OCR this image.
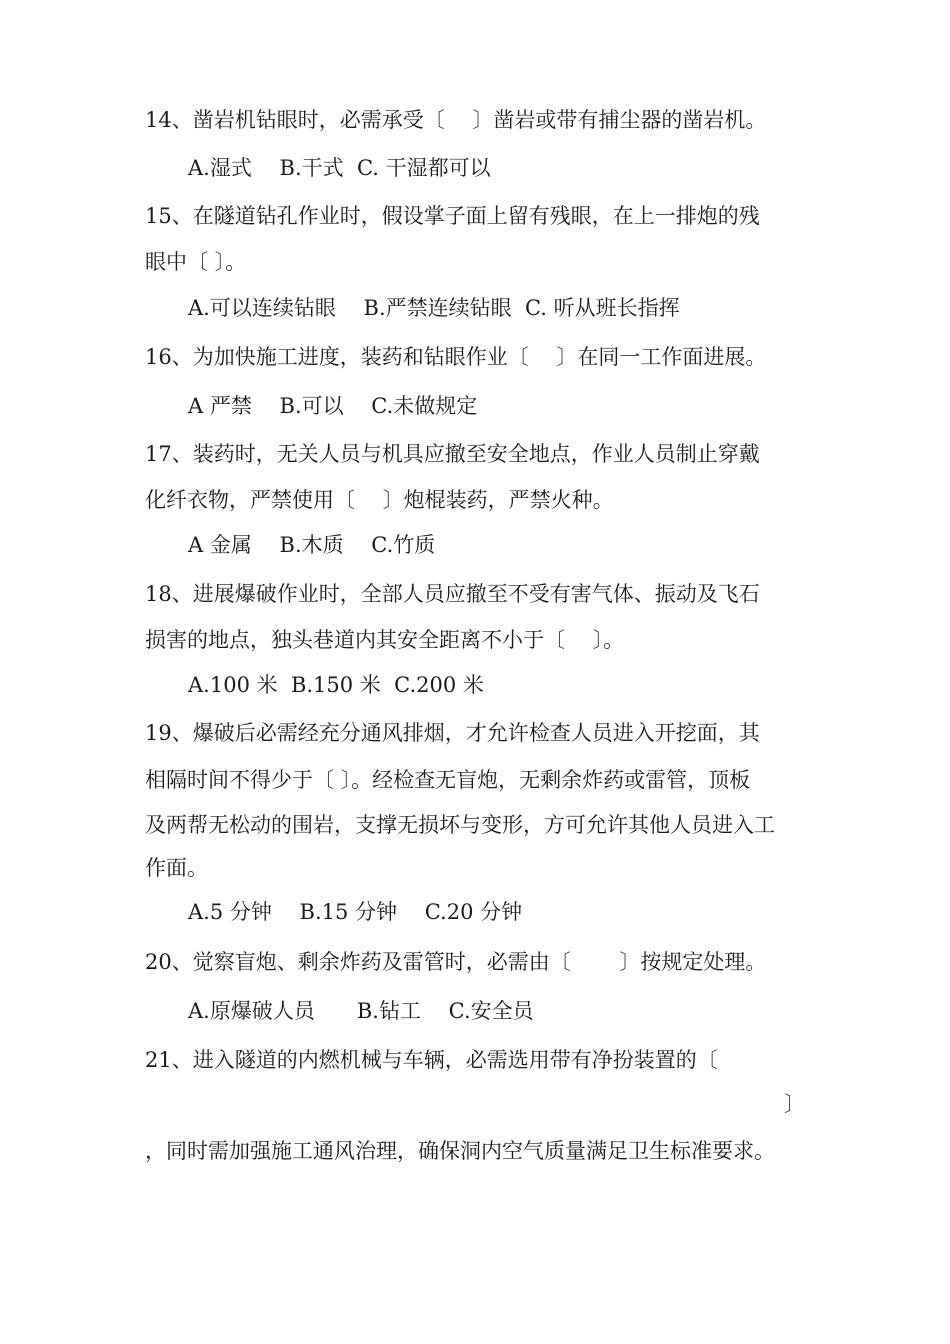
14、凿岩机钻眼时，必需承受〔　 〕凿岩或带有捕尘器的凿岩机。
A.湿式　 B.干式  C. 干湿都可以
15、在隧道钻孔作业时，假设掌子面上留有残眼，在上一排炮的残
眼中〔 〕。
A.可以连续钻眼　 B.严禁连续钻眼  C. 听从班长指挥
16、为加快施工进度，装药和钻眼作业〔　 〕在同一工作面进展。
A 严禁　 B.可以　 C.未做规定
17、装药时，无关人员与机具应撤至安全地点，作业人员制止穿戴
化纤衣物，严禁使用〔　 〕炮棍装药，严禁火种。
A 金属　 B.木质　 C.竹质
18、进展爆破作业时，全部人员应撤至不受有害气体、振动及飞石
损害的地点，独头巷道内其安全距离不小于〔　 〕。
A.100 米  B.150 米  C.200 米
19、爆破后必需经充分通风排烟，才允许检查人员进入开挖面，其
相隔时间不得少于〔 〕。经检查无盲炮，无剩余炸药或雷管，顶板
及两帮无松动的围岩，支撑无损坏与变形，方可允许其他人员进入工
作面。
A.5 分钟　 B.15 分钟　 C.20 分钟
20、觉察盲炮、剩余炸药及雷管时，必需由〔　　 〕按规定处理。
A.原爆破人员　　B.钻工　 C.安全员
21、进入隧道的内燃机械与车辆，必需选用带有净扮装置的〔
〕
，同时需加强施工通风治理，确保洞内空气质量满足卫生标准要求。
